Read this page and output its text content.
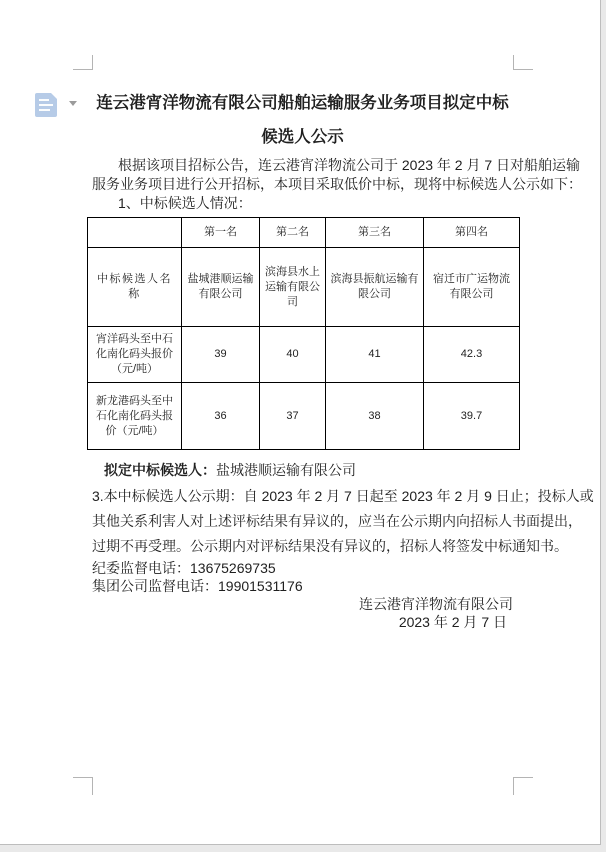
连云港宵洋物流有限公司船舶运输服务业务项目拟定中标
候选人公示
根据该项目招标公告，连云港宵洋物流公司于 2023 年 2 月 7 日对船舶运输
服务业务项目进行公开招标，本项目采取低价中标，现将中标候选人公示如下：
1、中标候选人情况：
	第一名	第二名	第三名	第四名
中标候选人名称	盐城港顺运输有限公司	滨海县水上运输有限公司	滨海县振航运输有限公司	宿迁市广运物流有限公司
宵洋码头至中石化南化码头报价（元/吨）	39	40	41	42.3
新龙港码头至中石化南化码头报价（元/吨）	36	37	38	39.7
拟定中标候选人：盐城港顺运输有限公司
3.本中标候选人公示期：自 2023 年 2 月 7 日起至 2023 年 2 月 9 日止；投标人或
其他关系利害人对上述评标结果有异议的，应当在公示期内向招标人书面提出，
过期不再受理。公示期内对评标结果没有异议的，招标人将签发中标通知书。
纪委监督电话：13675269735
集团公司监督电话：19901531176
连云港宵洋物流有限公司
2023 年 2 月 7 日
